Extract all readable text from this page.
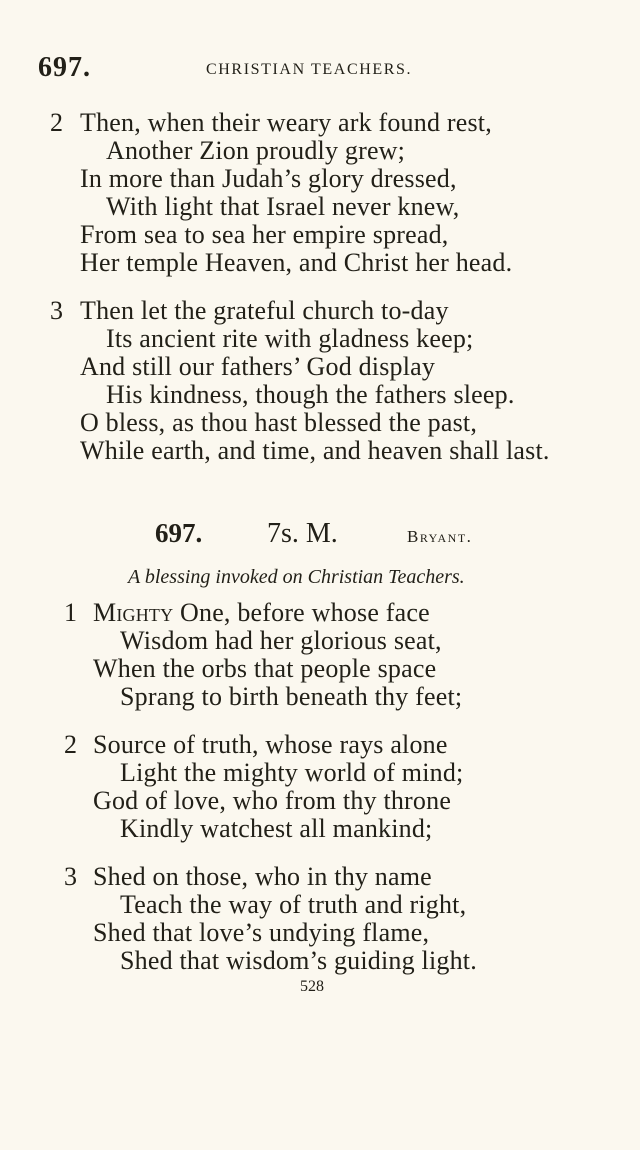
697.	CHRISTIAN TEACHERS.
2 Then, when their weary ark found rest,
Another Zion proudly grew;
In more than Judah’s glory dressed,
With light that Israel never knew,
From sea to sea her empire spread,
Her temple Heaven, and Christ her head.
3 Then let the grateful church to-day
Its ancient rite with gladness keep;
And still our fathers’ God display
His kindness, though the fathers sleep.
O bless, as thou hast blessed the past,
While earth, and time, and heaven shall last.
697. 7s. M.	Bryant.
A blessing invoked on Christian Teachers.
1 Mighty One, before whose face
Wisdom had her glorious seat,
When the orbs that people space
Sprang to birth beneath thy feet;
2 Source of truth, whose rays alone
Light the mighty world of mind;
God of love, who from thy throne
Kindly watchest all mankind;
3 Shed on those, who in thy name
Teach the way of truth and right,
Shed that love’s undying flame,
Shed that wisdom’s guiding light.
528
